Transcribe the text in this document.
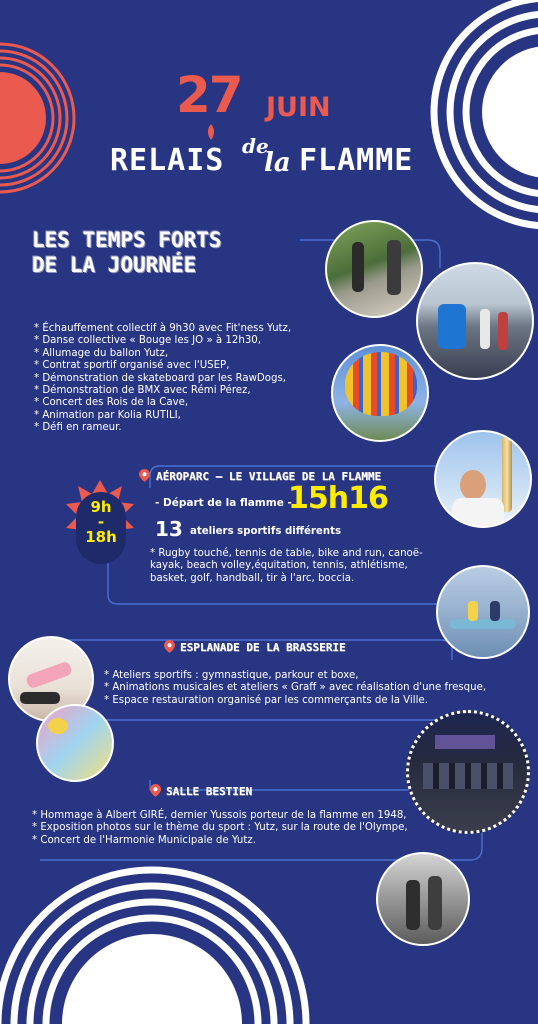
27 JUIN
RELAIS de
la FLAMME
LES TEMPS FORTS
DE LA JOURNÉE
* Échauffement collectif à 9h30 avec Fit'ness Yutz,
* Danse collective « Bouge les JO » à 12h30,
* Allumage du ballon Yutz,
* Contrat sportif organisé avec l'USEP,
* Démonstration de skateboard par les RawDogs,
* Démonstration de BMX avec Rémi Pérez,
* Concert des Rois de la Cave,
* Animation par Kolia RUTILI,
* Défi en rameur.
AÉROPARC – LE VILLAGE DE LA FLAMME
9h
-
18h
- Départ de la flamme -
15h16
13 ateliers sportifs différents
* Rugby touché, tennis de table, bike and run, canoë-
kayak, beach volley,équitation, tennis, athlétisme,
basket, golf, handball, tir à l'arc, boccia.
ESPLANADE DE LA BRASSERIE
* Ateliers sportifs : gymnastique, parkour et boxe,
* Animations musicales et ateliers « Graff » avec réalisation d'une fresque,
* Espace restauration organisé par les commerçants de la Ville.
SALLE BESTIEN
* Hommage à Albert GIRÉ, dernier Yussois porteur de la flamme en 1948,
* Exposition photos sur le thème du sport : Yutz, sur la route de l'Olympe,
* Concert de l'Harmonie Municipale de Yutz.
